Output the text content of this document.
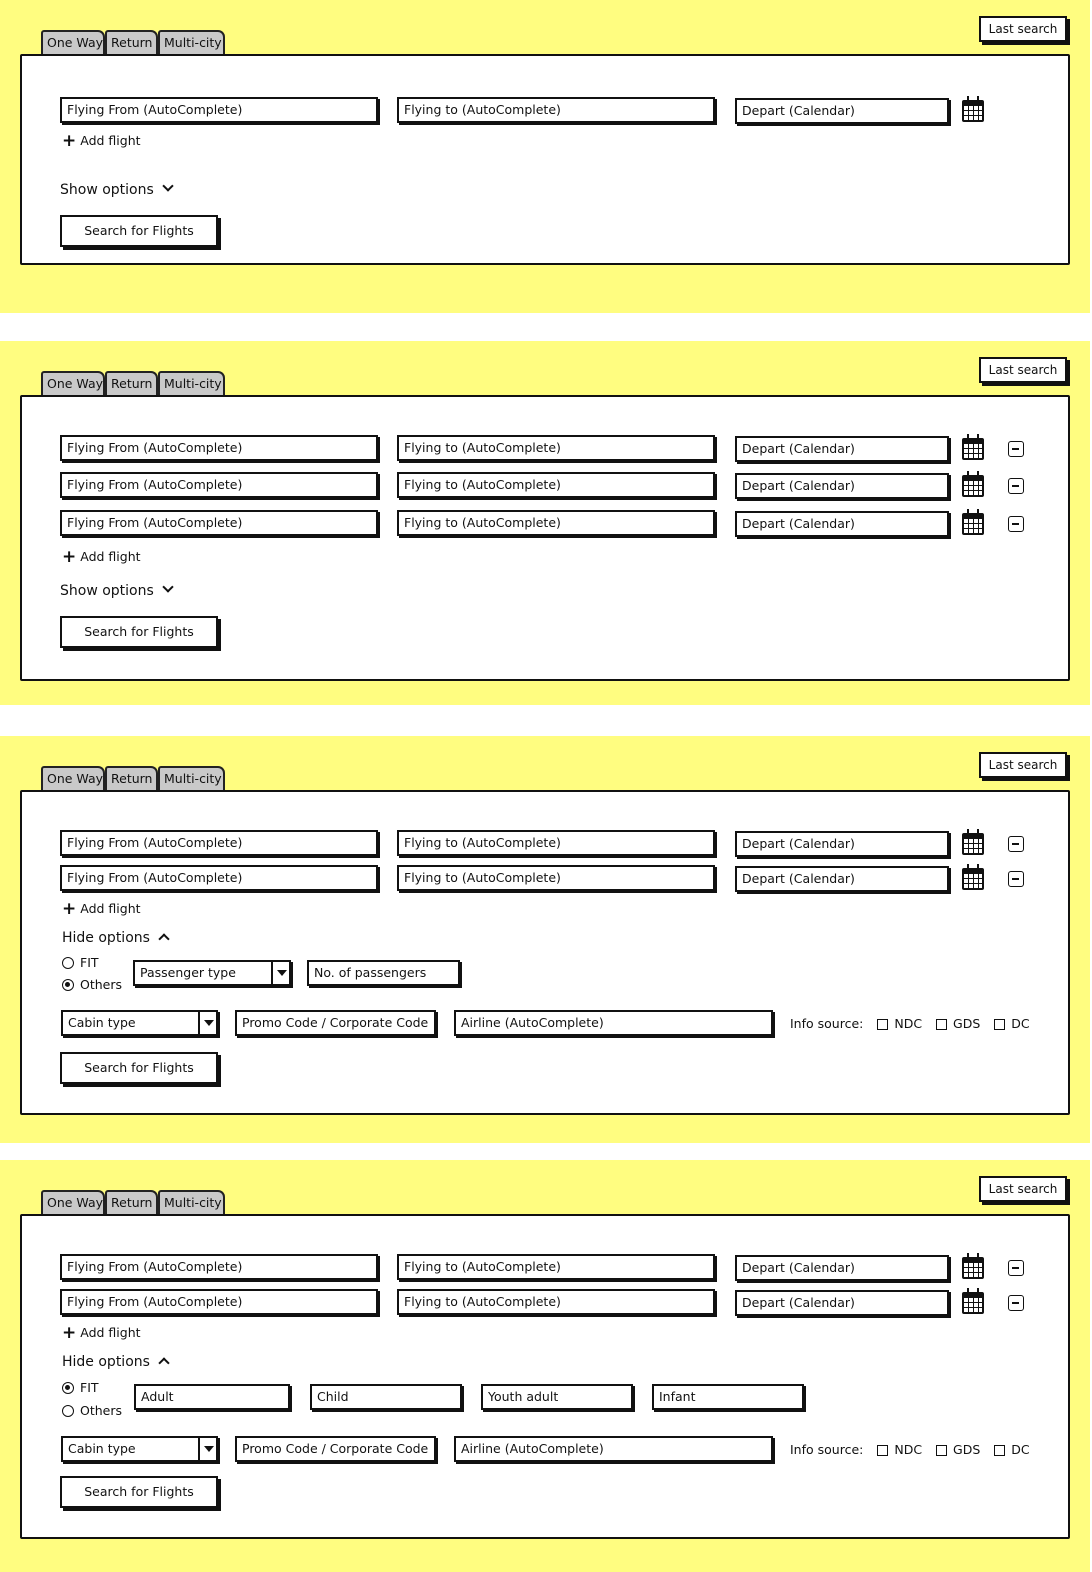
Last search
One Way Return Multi-city
Flying From (AutoComplete)	Flying to (AutoComplete)	Depart (Calendar)
+ Add flight
Show options
Search for Flights
Last search
One Way Return Multi-city
Flying From (AutoComplete)	Flying to (AutoComplete)	Depart (Calendar)
Flying From (AutoComplete)	Flying to (AutoComplete)	Depart (Calendar)
Flying From (AutoComplete)	Flying to (AutoComplete)	Depart (Calendar)
+ Add flight
Show options
Search for Flights
Last search
One Way Return Multi-city
Flying From (AutoComplete)	Flying to (AutoComplete)	Depart (Calendar)
Flying From (AutoComplete)	Flying to (AutoComplete)	Depart (Calendar)
+ Add flight
Hide options
FIT
Others
Passenger type	No. of passengers
Cabin type	Promo Code / Corporate Code	Airline (AutoComplete)	Info source: NDC GDS DC
Search for Flights
Last search
One Way Return Multi-city
Flying From (AutoComplete)	Flying to (AutoComplete)	Depart (Calendar)
Flying From (AutoComplete)	Flying to (AutoComplete)	Depart (Calendar)
+ Add flight
Hide options
FIT
Others
Adult	Child	Youth adult	Infant
Cabin type	Promo Code / Corporate Code	Airline (AutoComplete)	Info source: NDC GDS DC
Search for Flights
